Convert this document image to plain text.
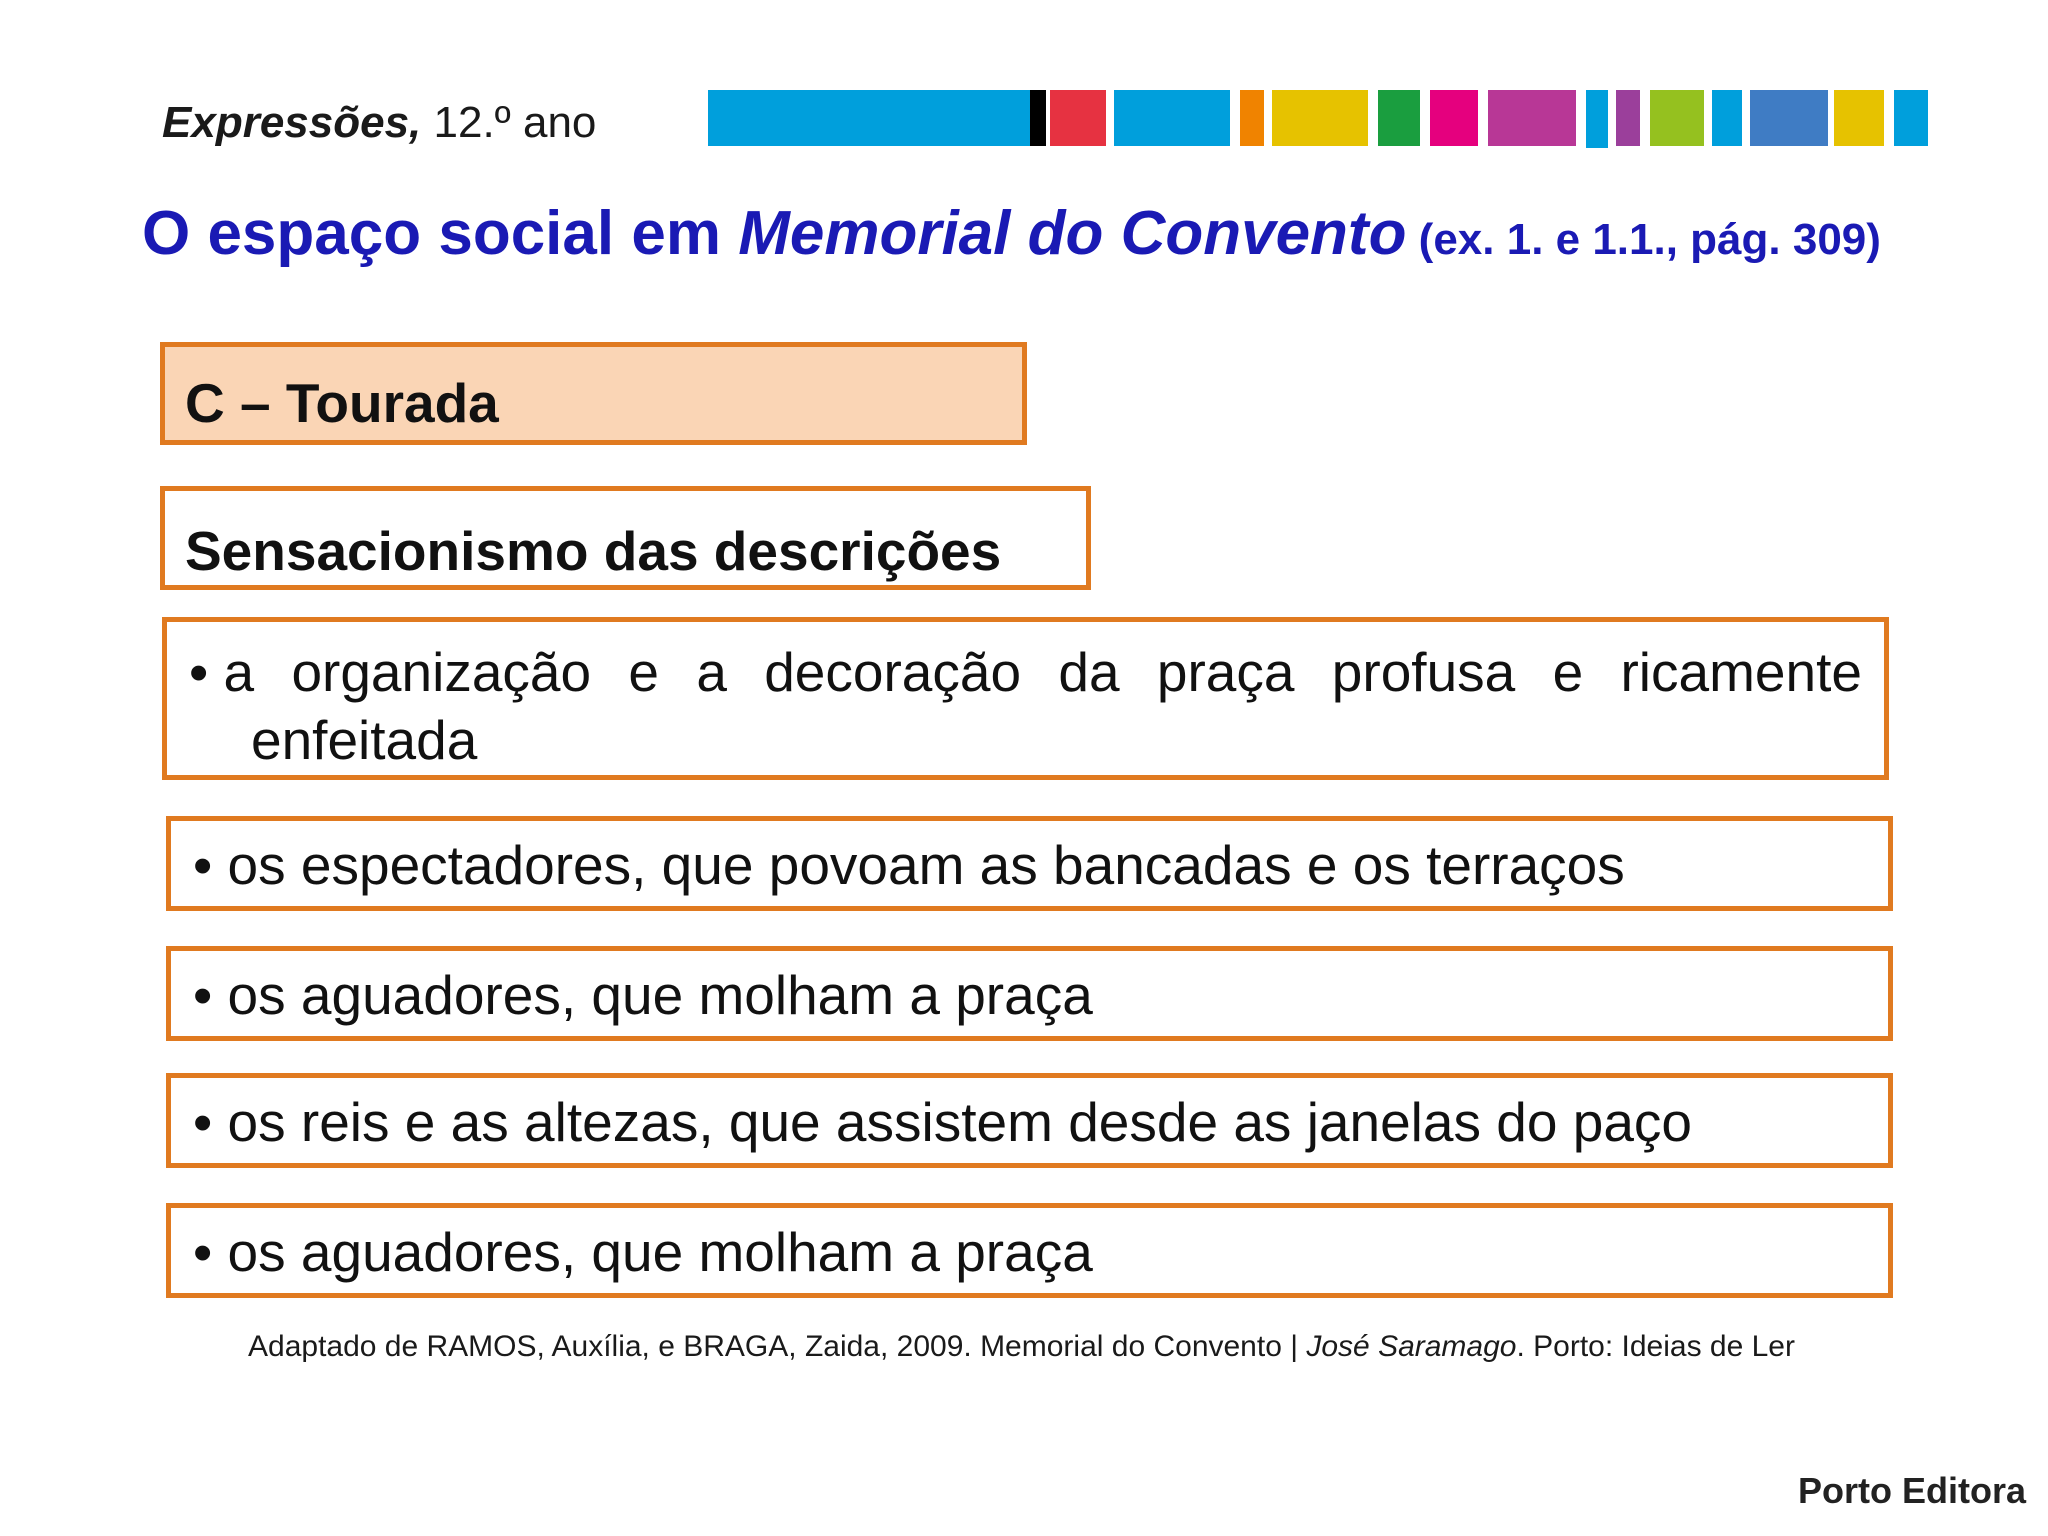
Expressões, 12.º ano
O espaço social em Memorial do Convento (ex. 1. e 1.1., pág. 309)
C – Tourada
Sensacionismo das descrições
• a organização e a decoração da praça profusa e ricamente
enfeitada
• os espectadores, que povoam as bancadas e os terraços
• os aguadores, que molham a praça
• os reis e as altezas, que assistem desde as janelas do paço
• os aguadores, que molham a praça
Adaptado de RAMOS, Auxília, e BRAGA, Zaida, 2009. Memorial do Convento | José Saramago. Porto: Ideias de Ler
Porto Editora
